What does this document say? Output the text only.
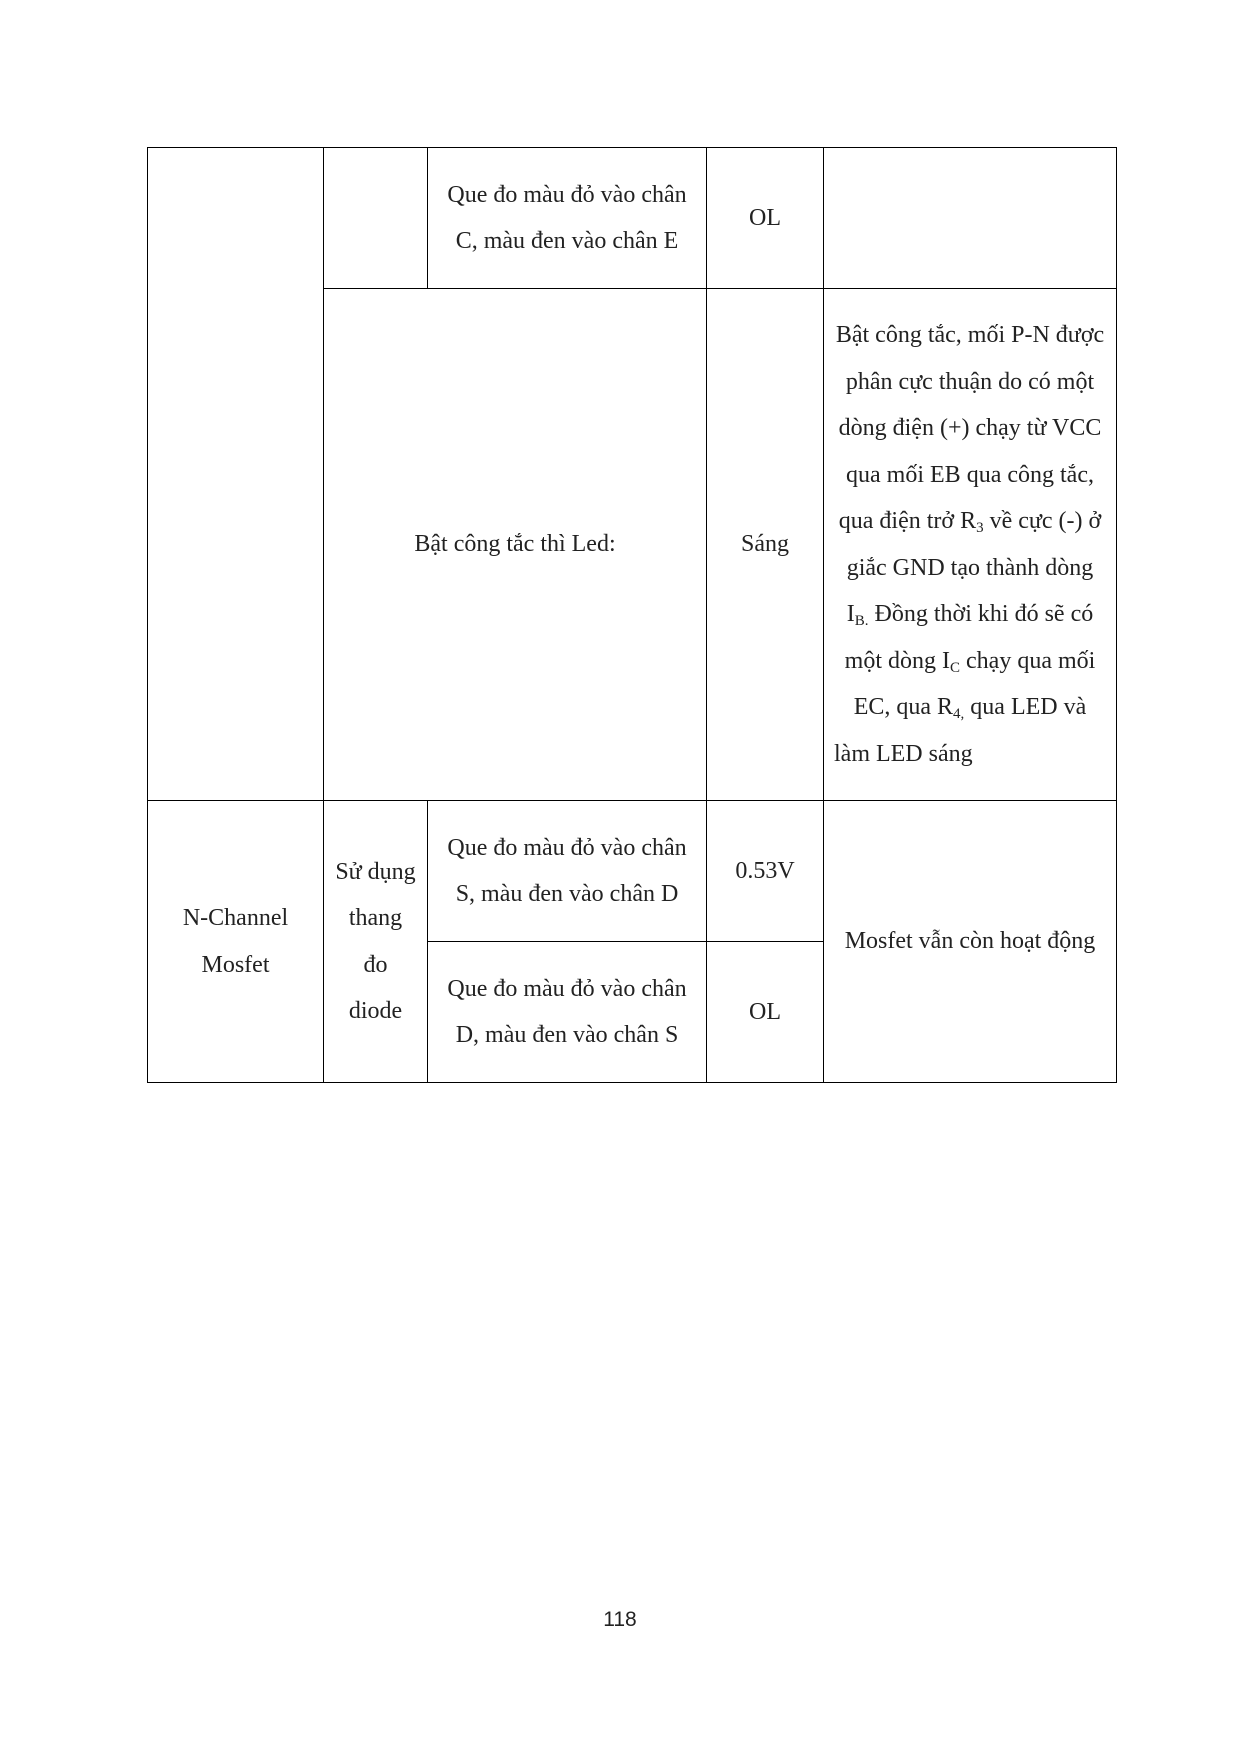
		Que đo màu đỏ vào chân C, màu đen vào chân E	OL	
	Bật công tắc thì Led:		Sáng	Bật công tắc, mối P-N được phân cực thuận do có một dòng điện (+) chạy từ VCC qua mối EB qua công tắc, qua điện trở $R_3$ về cực (-) ở giắc GND tạo thành dòng $I_{B.}$ Đồng thời khi đó sẽ có một dòng $I_C$ chạy qua mối EC, qua $R_{4,}$ qua LED và làm LED sáng
N-Channel Mosfet	Sử dụng thang đo diode	Que đo màu đỏ vào chân S, màu đen vào chân D	0.53V	Mosfet vẫn còn hoạt động
		Que đo màu đỏ vào chân D, màu đen vào chân S	OL	
118
